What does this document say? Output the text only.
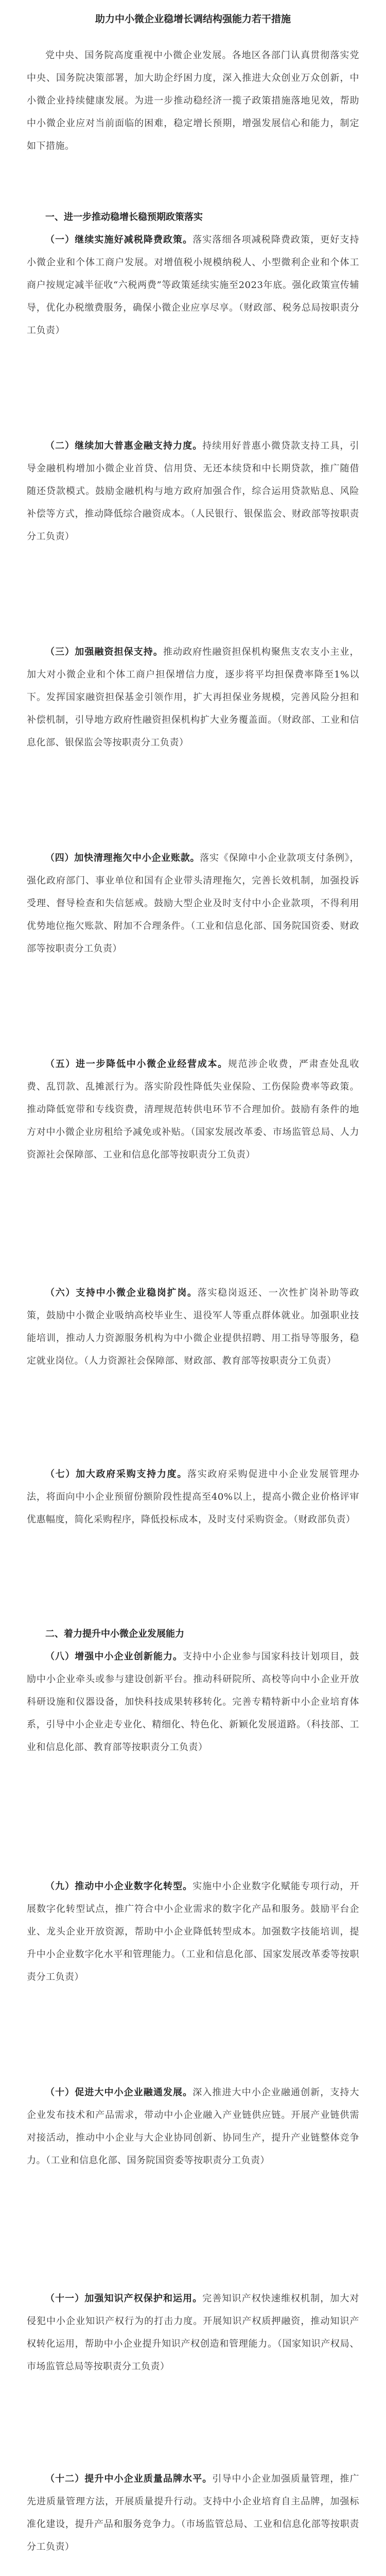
助力中小微企业稳增长调结构强能力若干措施

党中央、国务院高度重视中小微企业发展。各地区各部门认真贯彻落实党中央、国务院决策部署，加大助企纾困力度，深入推进大众创业万众创新，中小微企业持续健康发展。为进一步推动稳经济一揽子政策措施落地见效，帮助中小微企业应对当前面临的困难，稳定增长预期，增强发展信心和能力，制定如下措施。

一、进一步推动稳增长稳预期政策落实

（一）继续实施好减税降费政策。落实落细各项减税降费政策，更好支持小微企业和个体工商户发展。对增值税小规模纳税人、小型微利企业和个体工商户按规定减半征收“六税两费”等政策延续实施至2023年底。强化政策宣传辅导，优化办税缴费服务，确保小微企业应享尽享。（财政部、税务总局按职责分工负责）

（二）继续加大普惠金融支持力度。持续用好普惠小微贷款支持工具，引导金融机构增加小微企业首贷、信用贷、无还本续贷和中长期贷款，推广随借随还贷款模式。鼓励金融机构与地方政府加强合作，综合运用贷款贴息、风险补偿等方式，推动降低综合融资成本。（人民银行、银保监会、财政部等按职责分工负责）

（三）加强融资担保支持。推动政府性融资担保机构聚焦支农支小主业，加大对小微企业和个体工商户担保增信力度，逐步将平均担保费率降至1%以下。发挥国家融资担保基金引领作用，扩大再担保业务规模，完善风险分担和补偿机制，引导地方政府性融资担保机构扩大业务覆盖面。（财政部、工业和信息化部、银保监会等按职责分工负责）

（四）加快清理拖欠中小企业账款。落实《保障中小企业款项支付条例》，强化政府部门、事业单位和国有企业带头清理拖欠，完善长效机制，加强投诉受理、督导检查和失信惩戒。鼓励大型企业及时支付中小企业款项，不得利用优势地位拖欠账款、附加不合理条件。（工业和信息化部、国务院国资委、财政部等按职责分工负责）

（五）进一步降低中小微企业经营成本。规范涉企收费，严肃查处乱收费、乱罚款、乱摊派行为。落实阶段性降低失业保险、工伤保险费率等政策。推动降低宽带和专线资费，清理规范转供电环节不合理加价。鼓励有条件的地方对中小微企业房租给予减免或补贴。（国家发展改革委、市场监管总局、人力资源社会保障部、工业和信息化部等按职责分工负责）

（六）支持中小微企业稳岗扩岗。落实稳岗返还、一次性扩岗补助等政策，鼓励中小微企业吸纳高校毕业生、退役军人等重点群体就业。加强职业技能培训，推动人力资源服务机构为中小微企业提供招聘、用工指导等服务，稳定就业岗位。（人力资源社会保障部、财政部、教育部等按职责分工负责）

（七）加大政府采购支持力度。落实政府采购促进中小企业发展管理办法，将面向中小企业预留份额阶段性提高至40%以上，提高小微企业价格评审优惠幅度，简化采购程序，降低投标成本，及时支付采购资金。（财政部负责）

二、着力提升中小微企业发展能力

（八）增强中小企业创新能力。支持中小企业参与国家科技计划项目，鼓励中小企业牵头或参与建设创新平台。推动科研院所、高校等向中小企业开放科研设施和仪器设备，加快科技成果转移转化。完善专精特新中小企业培育体系，引导中小企业走专业化、精细化、特色化、新颖化发展道路。（科技部、工业和信息化部、教育部等按职责分工负责）

（九）推动中小企业数字化转型。实施中小企业数字化赋能专项行动，开展数字化转型试点，推广符合中小企业需求的数字化产品和服务。鼓励平台企业、龙头企业开放资源，帮助中小企业降低转型成本。加强数字技能培训，提升中小企业数字化水平和管理能力。（工业和信息化部、国家发展改革委等按职责分工负责）

（十）促进大中小企业融通发展。深入推进大中小企业融通创新，支持大企业发布技术和产品需求，带动中小企业融入产业链供应链。开展产业链供需对接活动，推动中小企业与大企业协同创新、协同生产，提升产业链整体竞争力。（工业和信息化部、国务院国资委等按职责分工负责）

（十一）加强知识产权保护和运用。完善知识产权快速维权机制，加大对侵犯中小企业知识产权行为的打击力度。开展知识产权质押融资，推动知识产权转化运用，帮助中小企业提升知识产权创造和管理能力。（国家知识产权局、市场监管总局等按职责分工负责）

（十二）提升中小企业质量品牌水平。引导中小企业加强质量管理，推广先进质量管理方法，开展质量提升行动。支持中小企业培育自主品牌，加强标准化建设，提升产品和服务竞争力。（市场监管总局、工业和信息化部等按职责分工负责）
